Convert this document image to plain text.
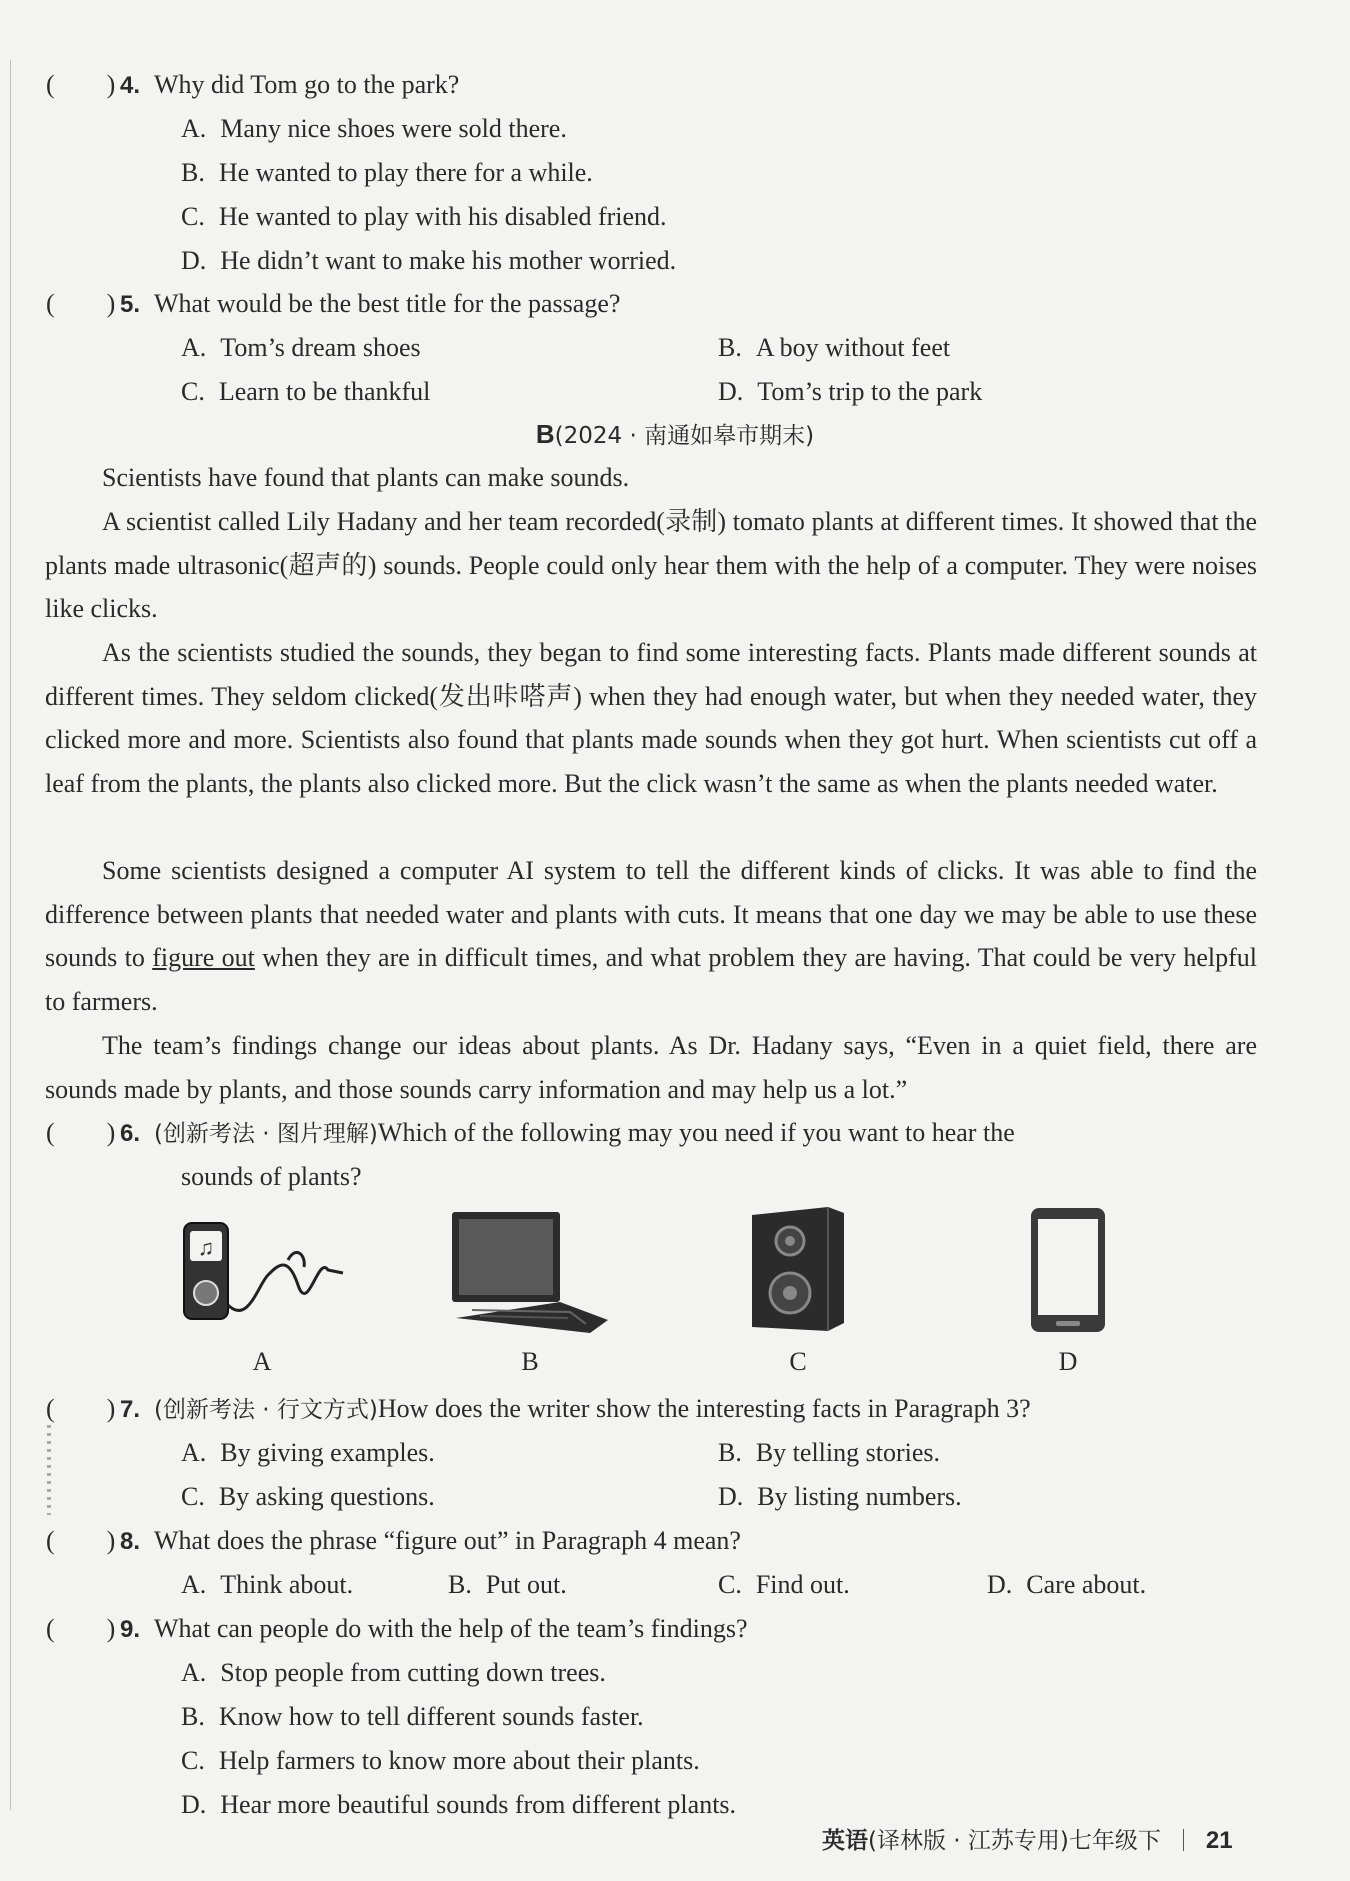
(　　) 4. Why did Tom go to the park?
A. Many nice shoes were sold there.
B. He wanted to play there for a while.
C. He wanted to play with his disabled friend.
D. He didn’t want to make his mother worried.
(　　) 5. What would be the best title for the passage?
A. Tom’s dream shoes	B. A boy without feet
C. Learn to be thankful	D. Tom’s trip to the park
B(2024 · 南通如皋市期末)
Scientists have found that plants can make sounds.
A scientist called Lily Hadany and her team recorded(录制) tomato plants at different times. It showed that the plants made ultrasonic(超声的) sounds. People could only hear them with the help of a computer. They were noises like clicks.
As the scientists studied the sounds, they began to find some interesting facts. Plants made different sounds at different times. They seldom clicked(发出咔嗒声) when they had enough water, but when they needed water, they clicked more and more. Scientists also found that plants made sounds when they got hurt. When scientists cut off a leaf from the plants, the plants also clicked more. But the click wasn’t the same as when the plants needed water.
Some scientists designed a computer AI system to tell the different kinds of clicks. It was able to find the difference between plants that needed water and plants with cuts. It means that one day we may be able to use these sounds to figure out when they are in difficult times, and what problem they are having. That could be very helpful to farmers.
The team’s findings change our ideas about plants. As Dr. Hadany says, “Even in a quiet field, there are sounds made by plants, and those sounds carry information and may help us a lot.”
(　　) 6. (创新考法 · 图片理解)Which of the following may you need if you want to hear the
sounds of plants?
♫
A	B	C	D
(　　) 7. (创新考法 · 行文方式)How does the writer show the interesting facts in Paragraph 3?
A. By giving examples.	B. By telling stories.
C. By asking questions.	D. By listing numbers.
(　　) 8. What does the phrase “figure out” in Paragraph 4 mean?
A. Think about.	B. Put out.	C. Find out.	D. Care about.
(　　) 9. What can people do with the help of the team’s findings?
A. Stop people from cutting down trees.
B. Know how to tell different sounds faster.
C. Help farmers to know more about their plants.
D. Hear more beautiful sounds from different plants.
英语(译林版 · 江苏专用)七年级下 21
